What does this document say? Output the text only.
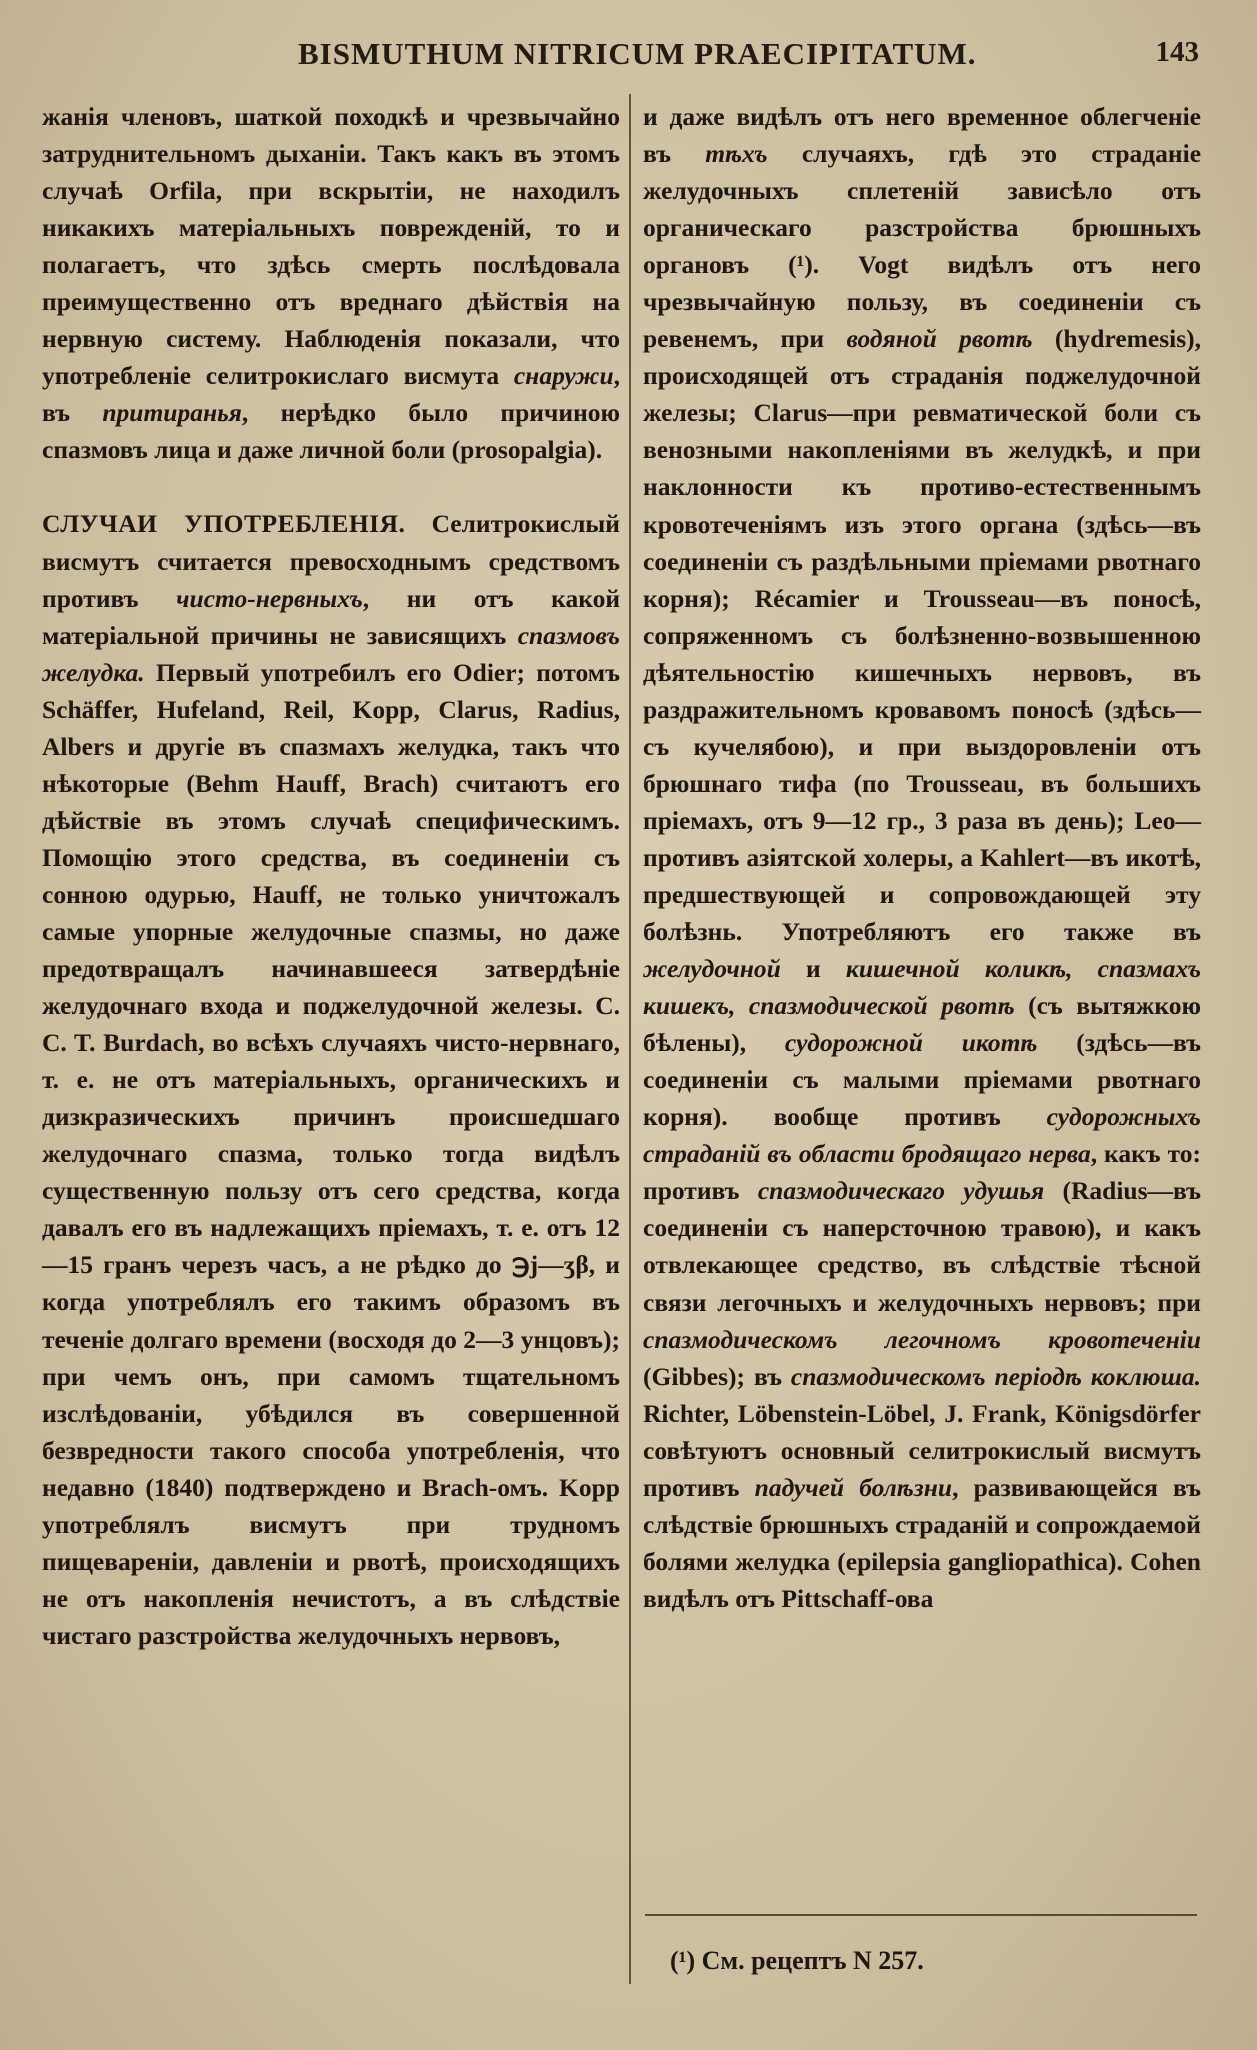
BISMUTHUM NITRICUM PRAECIPITATUM.	143

жанія членовъ, шаткой походкѣ и чрезвычайно затруднительномъ дыханіи. Такъ какъ въ этомъ случаѣ Orfila, при вскрытіи, не находилъ никакихъ матеріальныхъ поврежденій, то и полагаетъ, что здѣсь смерть послѣдовала преимущественно отъ вреднаго дѣйствія на нервную систему. Наблюденія показали, что употребленіе селитрокислаго висмута снаружи, въ притиранья, нерѣдко было причиною спазмовъ лица и даже личной боли (prosopalgia).

СЛУЧАИ УПОТРЕБЛЕНІЯ. Селитрокислый висмутъ считается превосходнымъ средствомъ противъ чисто-нервныхъ, ни отъ какой матеріальной причины не зависящихъ спазмовъ желудка. Первый употребилъ его Odier; потомъ Schäffer, Hufeland, Reil, Kopp, Clarus, Radius, Albers и другіе въ спазмахъ желудка, такъ что нѣкоторые (Behm Hauff, Brach) считаютъ его дѣйствіе въ этомъ случаѣ специфическимъ. Помощію этого средства, въ соединеніи съ сонною одурью, Hauff, не только уничтожалъ самые упорные желудочные спазмы, но даже предотвращалъ начинавшееся затвердѣніе желудочнаго входа и поджелудочной железы. C. C. T. Burdach, во всѣхъ случаяхъ чисто-нервнаго, т. е. не отъ матеріальныхъ, органическихъ и дизкразическихъ причинъ происшедшаго желудочнаго спазма, только тогда видѣлъ существенную пользу отъ сего средства, когда давалъ его въ надлежащихъ пріемахъ, т. е. отъ 12—15 гранъ черезъ часъ, а не рѣдко до ℈j—ʒβ, и когда употреблялъ его такимъ образомъ въ теченіе долгаго времени (восходя до 2—3 унцовъ); при чемъ онъ, при самомъ тщательномъ изслѣдованіи, убѣдился въ совершенной безвредности такого способа употребленія, что недавно (1840) подтверждено и Brach-омъ. Kopp употреблялъ висмутъ при трудномъ пищевареніи, давленіи и рвотѣ, происходящихъ не отъ накопленія нечистотъ, а въ слѣдствіе чистаго разстройства желудочныхъ нервовъ,

и даже видѣлъ отъ него временное облегченіе въ тѣхъ случаяхъ, гдѣ это страданіе желудочныхъ сплетеній зависѣло отъ органическаго разстройства брюшныхъ органовъ (¹). Vogt видѣлъ отъ него чрезвычайную пользу, въ соединеніи съ ревенемъ, при водяной рвотѣ (hydremesis), происходящей отъ страданія поджелудочной железы; Clarus—при ревматической боли съ венозными накопленіями въ желудкѣ, и при наклонности къ противо-естественнымъ кровотеченіямъ изъ этого органа (здѣсь—въ соединеніи съ раздѣльными пріемами рвотнаго корня); Récamier и Trousseau—въ поносѣ, сопряженномъ съ болѣзненно-возвышенною дѣятельностію кишечныхъ нервовъ, въ раздражительномъ кровавомъ поносѣ (здѣсь—съ кучелябою), и при выздоровленіи отъ брюшнаго тифа (по Trousseau, въ большихъ пріемахъ, отъ 9—12 гр., 3 раза въ день); Leo—противъ азіятской холеры, а Kahlert—въ икотѣ, предшествующей и сопровождающей эту болѣзнь. Употребляютъ его также въ желудочной и кишечной коликѣ, спазмахъ кишекъ, спазмодической рвотѣ (съ вытяжкою бѣлены), судорожной икотѣ (здѣсь—въ соединеніи съ малыми пріемами рвотнаго корня). вообще противъ судорожныхъ страданій въ области бродящаго нерва, какъ то: противъ спазмодическаго удушья (Radius—въ соединеніи съ наперсточною травою), и какъ отвлекающее средство, въ слѣдствіе тѣсной связи легочныхъ и желудочныхъ нервовъ; при спазмодическомъ легочномъ кровотеченіи (Gibbes); въ спазмодическомъ періодѣ коклюша. Richter, Löbenstein-Löbel, J. Frank, Königsdörfer совѣтуютъ основный селитрокислый висмутъ противъ падучей болѣзни, развивающейся въ слѣдствіе брюшныхъ страданій и сопрождаемой болями желудка (epilepsia gangliopathica). Cohen видѣлъ отъ Pittschaff-ова

(¹) См. рецептъ N 257.
